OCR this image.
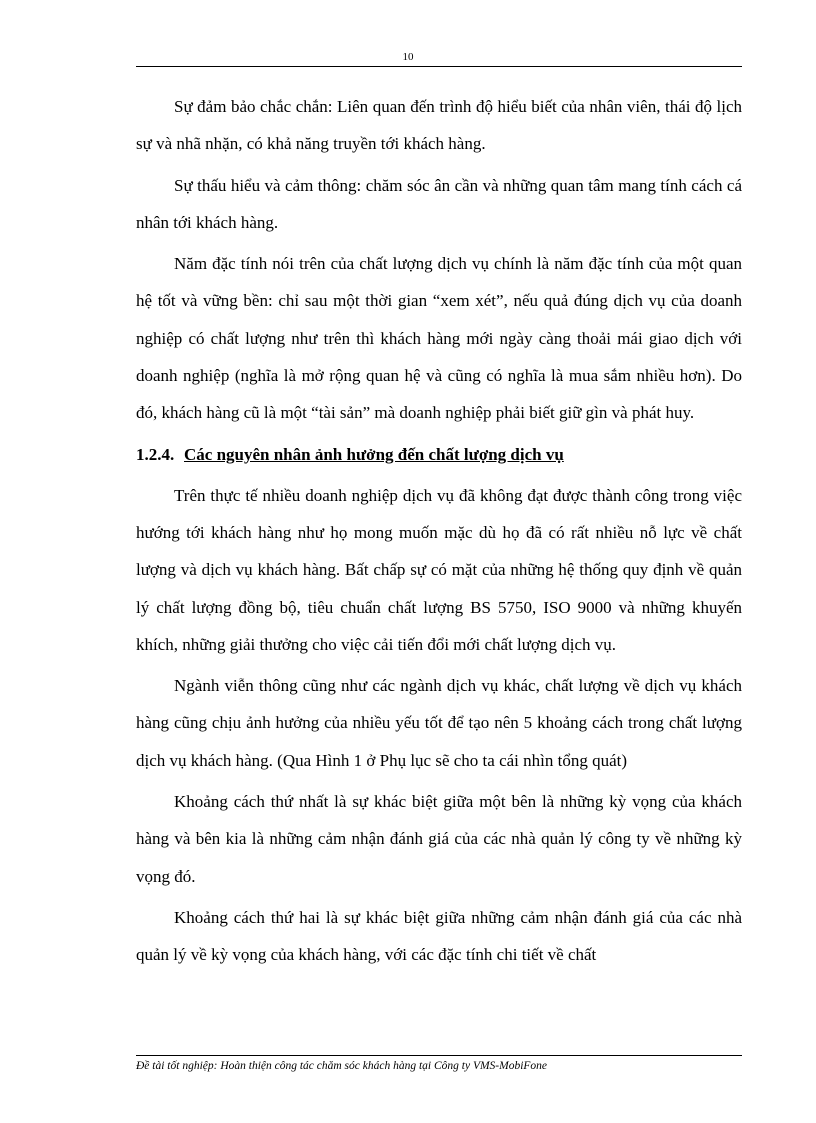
10

Sự đảm bảo chắc chắn: Liên quan đến trình độ hiểu biết của nhân viên, thái độ lịch sự và nhã nhặn, có khả năng truyền tới khách hàng.

Sự thấu hiểu và cảm thông: chăm sóc ân cần và những quan tâm mang tính cách cá nhân tới khách hàng.

Năm đặc tính nói trên của chất lượng dịch vụ chính là năm đặc tính của một quan hệ tốt và vững bền: chỉ sau một thời gian “xem xét”, nếu quả đúng dịch vụ của doanh nghiệp có chất lượng như trên thì khách hàng mới ngày càng thoải mái giao dịch với doanh nghiệp (nghĩa là mở rộng quan hệ và cũng có nghĩa là mua sắm nhiều hơn). Do đó, khách hàng cũ là một “tài sản” mà doanh nghiệp phải biết giữ gìn và phát huy.

1.2.4. Các nguyên nhân ảnh hưởng đến chất lượng dịch vụ

Trên thực tế nhiều doanh nghiệp dịch vụ đã không đạt được thành công trong việc hướng tới khách hàng như họ mong muốn mặc dù họ đã có rất nhiều nỗ lực về chất lượng và dịch vụ khách hàng. Bất chấp sự có mặt của những hệ thống quy định về quản lý chất lượng đồng bộ, tiêu chuẩn chất lượng BS 5750, ISO 9000 và những khuyến khích, những giải thưởng cho việc cải tiến đổi mới chất lượng dịch vụ.

Ngành viễn thông cũng như các ngành dịch vụ khác, chất lượng về dịch vụ khách hàng cũng chịu ảnh hưởng của nhiều yếu tốt để tạo nên 5 khoảng cách trong chất lượng dịch vụ khách hàng. (Qua Hình 1 ở Phụ lục sẽ cho ta cái nhìn tổng quát)

Khoảng cách thứ nhất là sự khác biệt giữa một bên là những kỳ vọng của khách hàng và bên kia là những cảm nhận đánh giá của các nhà quản lý công ty về những kỳ vọng đó.

Khoảng cách thứ hai là sự khác biệt giữa những cảm nhận đánh giá của các nhà quản lý về kỳ vọng của khách hàng, với các đặc tính chi tiết về chất

Đề tài tốt nghiệp: Hoàn thiện công tác chăm sóc khách hàng tại Công ty VMS-MobiFone
